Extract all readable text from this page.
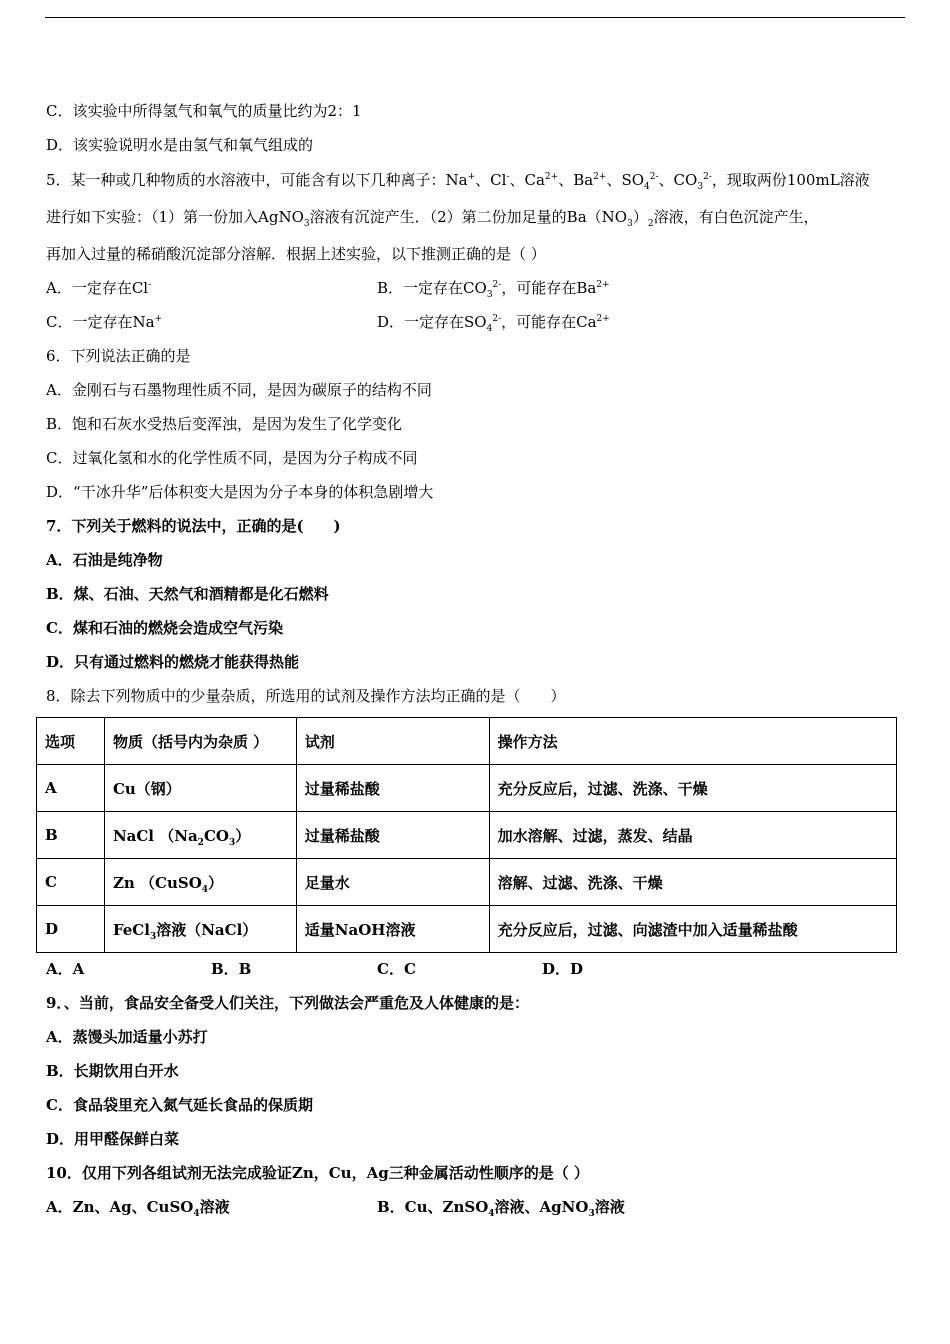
C．该实验中所得氢气和氧气的质量比约为2：1
D．该实验说明水是由氢气和氧气组成的
5．某一种或几种物质的水溶液中，可能含有以下几种离子：Na+、Cl-、$Ca^{2+}$、$Ba^{2+}$、$SO_4^{2-}$、$CO_3^{2-}$，现取两份100mL溶液
进行如下实验：（1）第一份加入AgNO$_3$溶液有沉淀产生．（2）第二份加足量的$Ba(NO_3)_2$溶液，有白色沉淀产生，
再加入过量的稀硝酸沉淀部分溶解．根据上述实验，以下推测正确的是（ ）
A．一定存在Cl-	B．一定存在$CO_3^{2-}$，可能存在$Ba^{2+}$
C．一定存在Na+	D．一定存在$SO_4^{2-}$，可能存在$Ca^{2+}$
6．下列说法正确的是
A．金刚石与石墨物理性质不同，是因为碳原子的结构不同
B．饱和石灰水受热后变浑浊，是因为发生了化学变化
C．过氧化氢和水的化学性质不同，是因为分子构成不同
D．“干冰升华”后体积变大是因为分子本身的体积急剧增大
7．下列关于燃料的说法中，正确的是(　　)
A．石油是纯净物
B．煤、石油、天然气和酒精都是化石燃料
C．煤和石油的燃烧会造成空气污染
D．只有通过燃料的燃烧才能获得热能
8．除去下列物质中的少量杂质，所选用的试剂及操作方法均正确的是（　　）
选项	物质（括号内为杂质 ）	试剂	操作方法
A	Cu（钢）	过量稀盐酸	充分反应后，过滤、洗涤、干燥
B	NaCl $(Na_2CO_3)$	过量稀盐酸	加水溶解、过滤，蒸发、结晶
C	Zn （CuSO$_4$）	足量水	溶解、过滤、洗涤、干燥
D	FeCl$_3$溶液（NaCl）	适量NaOH溶液	充分反应后，过滤、向滤渣中加入适量稀盐酸
A．A	B．B	C．C	D．D
9．、当前，食品安全备受人们关注，下列做法会严重危及人体健康的是：
A．蒸馒头加适量小苏打
B．长期饮用白开水
C．食品袋里充入氮气延长食品的保质期
D．用甲醛保鲜白菜
10．仅用下列各组试剂无法完成验证Zn，Cu，Ag三种金属活动性顺序的是（ ）
A．Zn、Ag、CuSO$_4$溶液	B．Cu、ZnSO$_4$溶液、AgNO$_3$溶液
